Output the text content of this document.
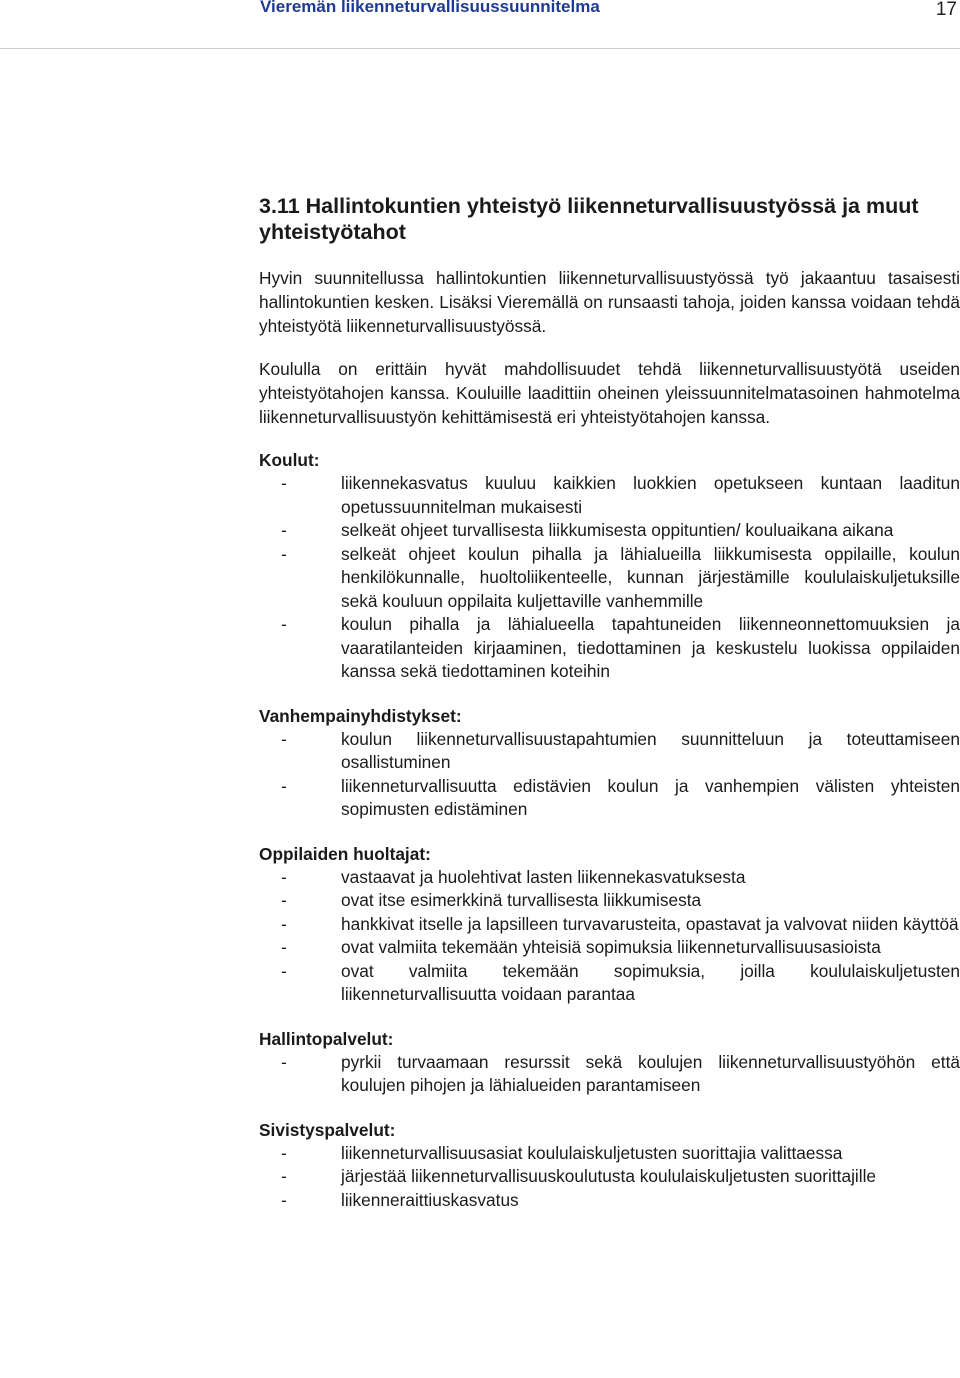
Vieremän liikenneturvallisuussuunnitelma	17
3.11 Hallintokuntien yhteistyö liikenneturvallisuustyössä ja muut yhteistyötahot

Hyvin suunnitellussa hallintokuntien liikenneturvallisuustyössä työ jakaantuu tasaisesti hallintokuntien kesken. Lisäksi Vieremällä on runsaasti tahoja, joiden kanssa voidaan tehdä yhteistyötä liikenneturvallisuustyössä.

Koululla on erittäin hyvät mahdollisuudet tehdä liikenneturvallisuustyötä useiden yhteistyötahojen kanssa. Kouluille laadittiin oheinen yleissuunnitelmatasoinen hahmotelma liikenneturvallisuustyön kehittämisestä eri yhteistyötahojen kanssa.

Koulut:
-	liikennekasvatus kuuluu kaikkien luokkien opetukseen kuntaan laaditun opetussuunnitelman mukaisesti
-	selkeät ohjeet turvallisesta liikkumisesta oppituntien/ kouluaikana aikana
-	selkeät ohjeet koulun pihalla ja lähialueilla liikkumisesta oppilaille, koulun henkilökunnalle, huoltoliikenteelle, kunnan järjestämille koululaiskuljetuksille sekä kouluun oppilaita kuljettaville vanhemmille
-	koulun pihalla ja lähialueella tapahtuneiden liikenneonnettomuuksien ja vaaratilanteiden kirjaaminen, tiedottaminen ja keskustelu luokissa oppilaiden kanssa sekä tiedottaminen koteihin
Vanhempainyhdistykset:
-	koulun liikenneturvallisuustapahtumien suunnitteluun ja toteuttamiseen osallistuminen
-	liikenneturvallisuutta edistävien koulun ja vanhempien välisten yhteisten sopimusten edistäminen
Oppilaiden huoltajat:
-	vastaavat ja huolehtivat lasten liikennekasvatuksesta
-	ovat itse esimerkkinä turvallisesta liikkumisesta
-	hankkivat itselle ja lapsilleen turvavarusteita, opastavat ja valvovat niiden käyttöä
-	ovat valmiita tekemään yhteisiä sopimuksia liikenneturvallisuusasioista
-	ovat valmiita tekemään sopimuksia, joilla koululaiskuljetusten liikenneturvallisuutta voidaan parantaa
Hallintopalvelut:
-	pyrkii turvaamaan resurssit sekä koulujen liikenneturvallisuustyöhön että koulujen pihojen ja lähialueiden parantamiseen
Sivistyspalvelut:
-	liikenneturvallisuusasiat koululaiskuljetusten suorittajia valittaessa
-	järjestää liikenneturvallisuuskoulutusta koululaiskuljetusten suorittajille
-	liikenneraittiuskasvatus
